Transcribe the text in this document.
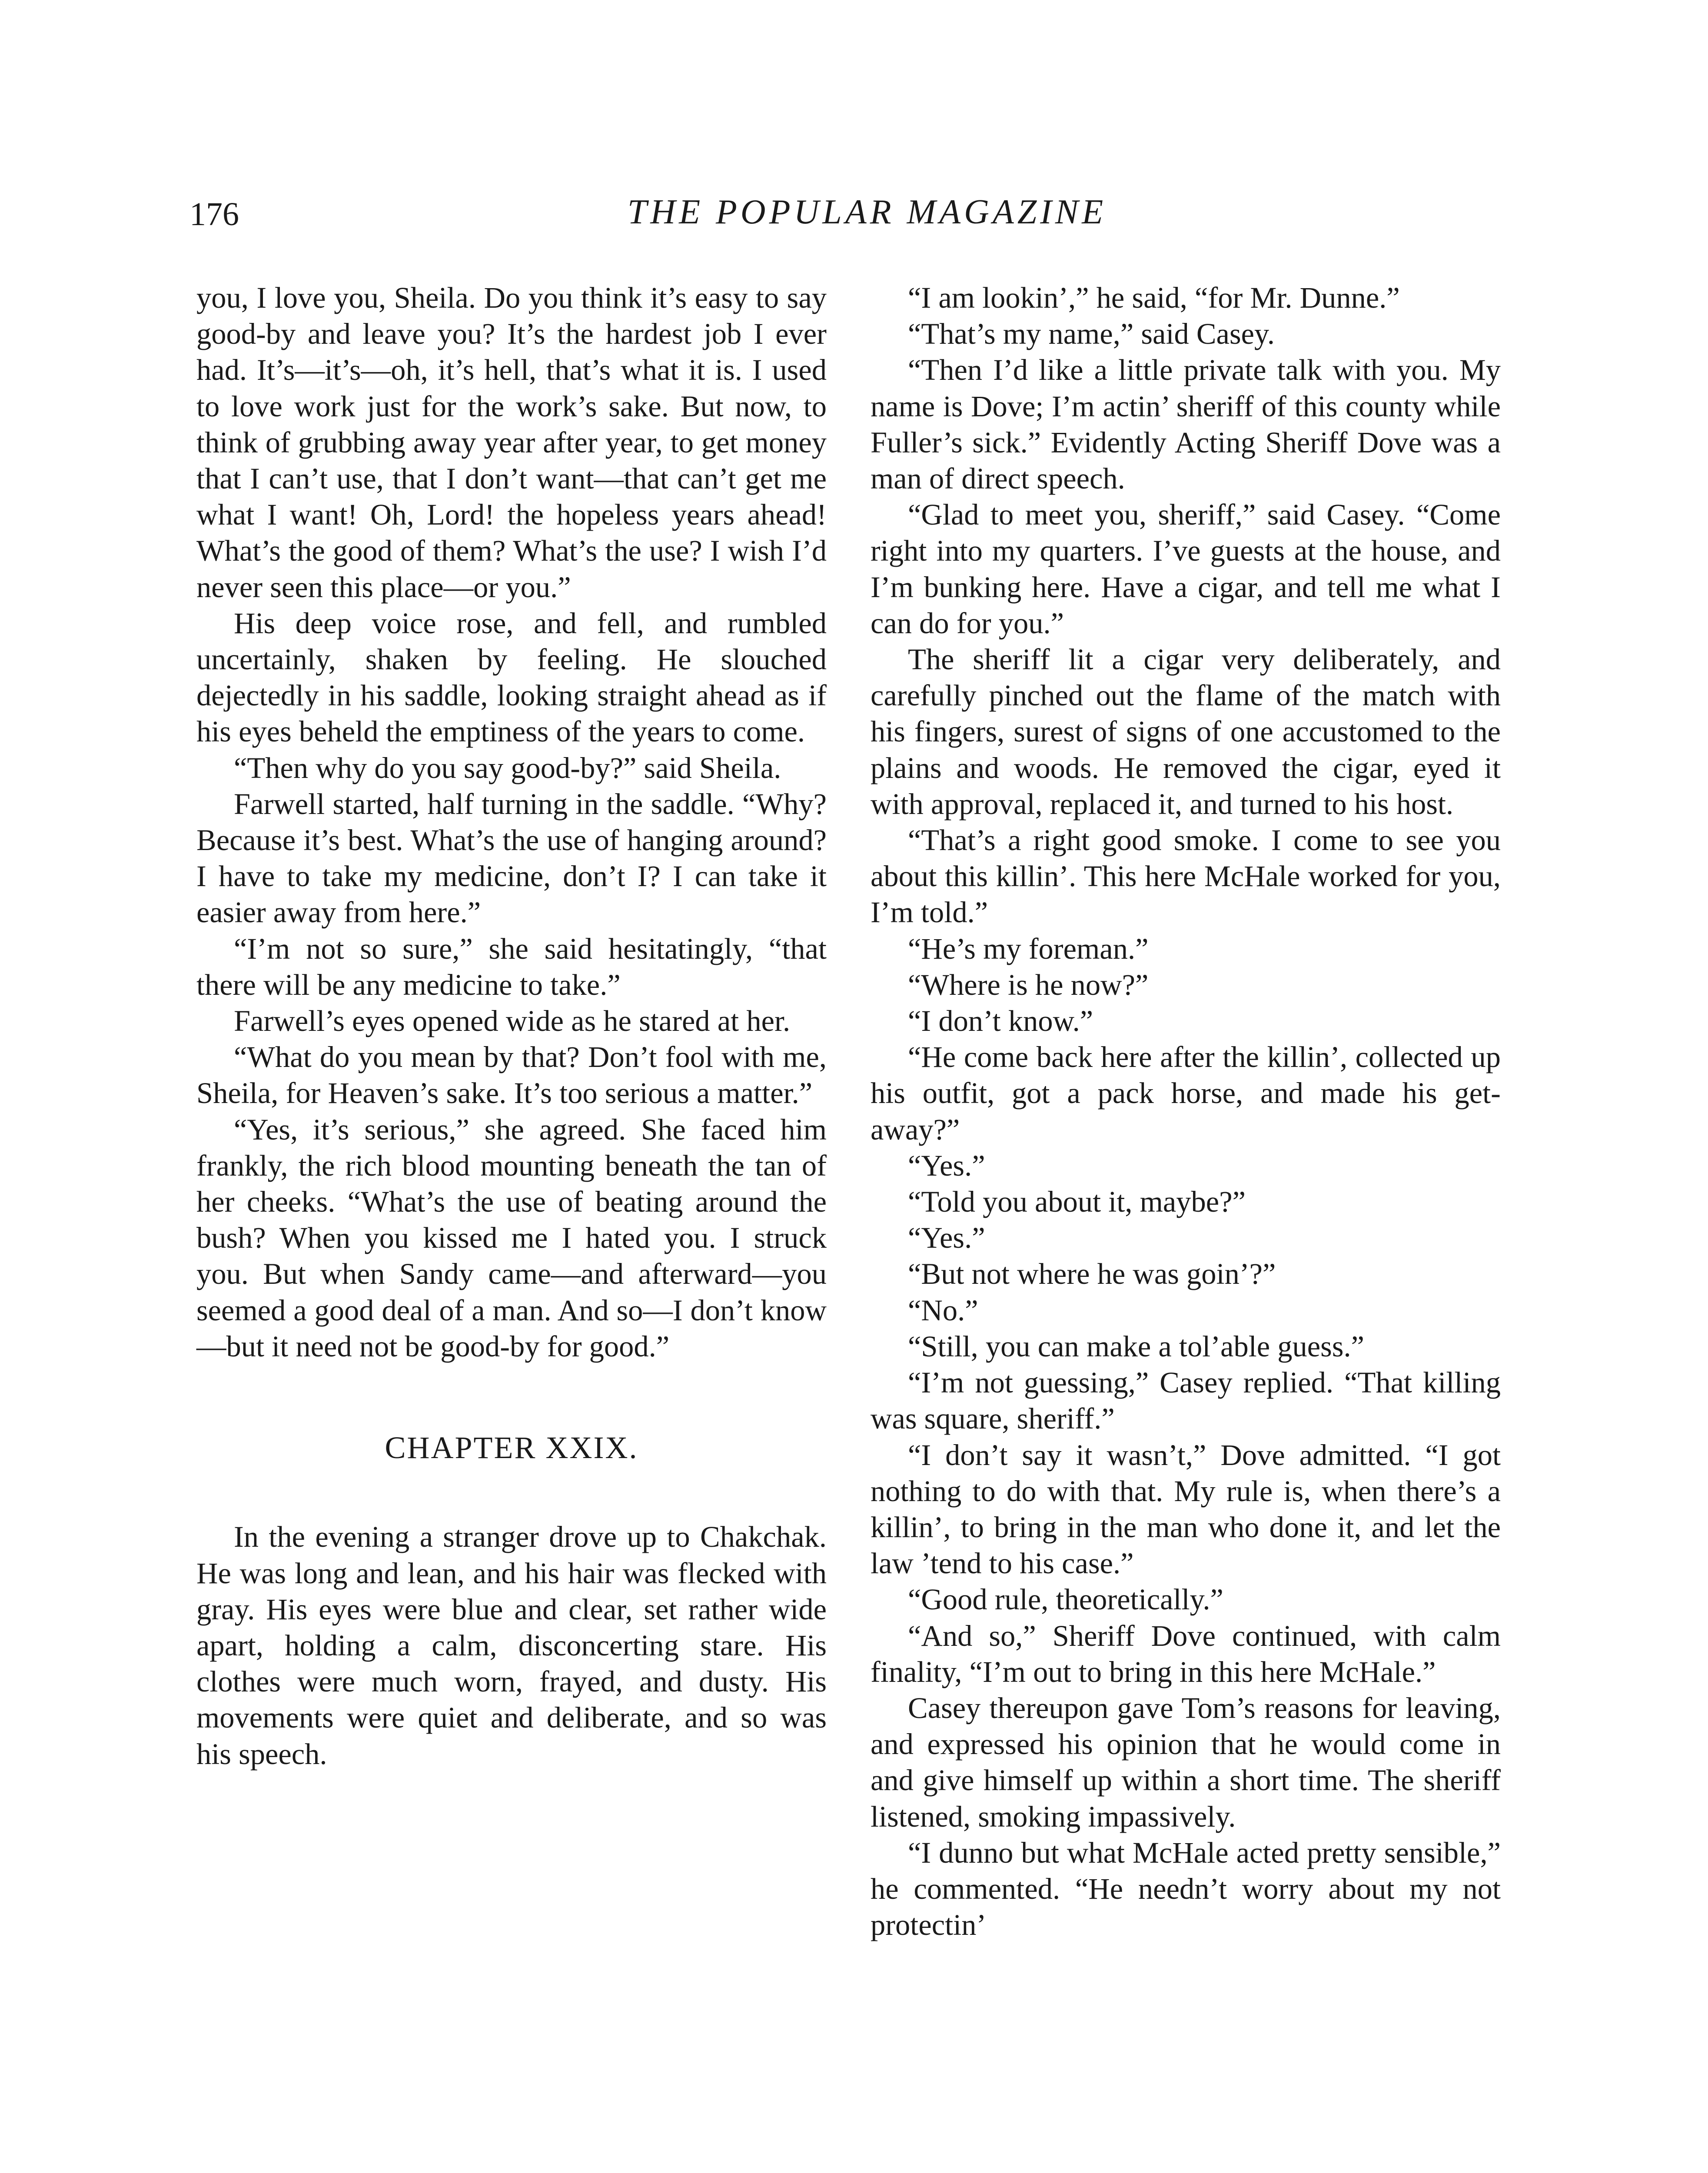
176	THE POPULAR MAGAZINE

you, I love you, Sheila. Do you think it’s easy to say good-by and leave you? It’s the hardest job I ever had. It’s—it’s—oh, it’s hell, that’s what it is. I used to love work just for the work’s sake. But now, to think of grubbing away year after year, to get money that I can’t use, that I don’t want—that can’t get me what I want! Oh, Lord! the hopeless years ahead! What’s the good of them? What’s the use? I wish I’d never seen this place—or you.”

His deep voice rose, and fell, and rumbled uncertainly, shaken by feeling. He slouched dejectedly in his saddle, looking straight ahead as if his eyes beheld the emptiness of the years to come.

“Then why do you say good-by?” said Sheila.

Farwell started, half turning in the saddle. “Why? Because it’s best. What’s the use of hanging around? I have to take my medicine, don’t I? I can take it easier away from here.”

“I’m not so sure,” she said hesitatingly, “that there will be any medicine to take.”

Farwell’s eyes opened wide as he stared at her.

“What do you mean by that? Don’t fool with me, Sheila, for Heaven’s sake. It’s too serious a matter.”

“Yes, it’s serious,” she agreed. She faced him frankly, the rich blood mounting beneath the tan of her cheeks. “What’s the use of beating around the bush? When you kissed me I hated you. I struck you. But when Sandy came—and afterward—you seemed a good deal of a man. And so—I don’t know—but it need not be good-by for good.”

CHAPTER XXIX.

In the evening a stranger drove up to Chakchak. He was long and lean, and his hair was flecked with gray. His eyes were blue and clear, set rather wide apart, holding a calm, disconcerting stare. His clothes were much worn, frayed, and dusty. His movements were quiet and deliberate, and so was his speech.

“I am lookin’,” he said, “for Mr. Dunne.”

“That’s my name,” said Casey.

“Then I’d like a little private talk with you. My name is Dove; I’m actin’ sheriff of this county while Fuller’s sick.” Evidently Acting Sheriff Dove was a man of direct speech.

“Glad to meet you, sheriff,” said Casey. “Come right into my quarters. I’ve guests at the house, and I’m bunking here. Have a cigar, and tell me what I can do for you.”

The sheriff lit a cigar very deliberately, and carefully pinched out the flame of the match with his fingers, surest of signs of one accustomed to the plains and woods. He removed the cigar, eyed it with approval, replaced it, and turned to his host.

“That’s a right good smoke. I come to see you about this killin’. This here McHale worked for you, I’m told.”

“He’s my foreman.”

“Where is he now?”

“I don’t know.”

“He come back here after the killin’, collected up his outfit, got a pack horse, and made his get-away?”

“Yes.”

“Told you about it, maybe?”

“Yes.”

“But not where he was goin’?”

“No.”

“Still, you can make a tol’able guess.”

“I’m not guessing,” Casey replied. “That killing was square, sheriff.”

“I don’t say it wasn’t,” Dove admitted. “I got nothing to do with that. My rule is, when there’s a killin’, to bring in the man who done it, and let the law ’tend to his case.”

“Good rule, theoretically.”

“And so,” Sheriff Dove continued, with calm finality, “I’m out to bring in this here McHale.”

Casey thereupon gave Tom’s reasons for leaving, and expressed his opinion that he would come in and give himself up within a short time. The sheriff listened, smoking impassively.

“I dunno but what McHale acted pretty sensible,” he commented. “He needn’t worry about my not protectin’
